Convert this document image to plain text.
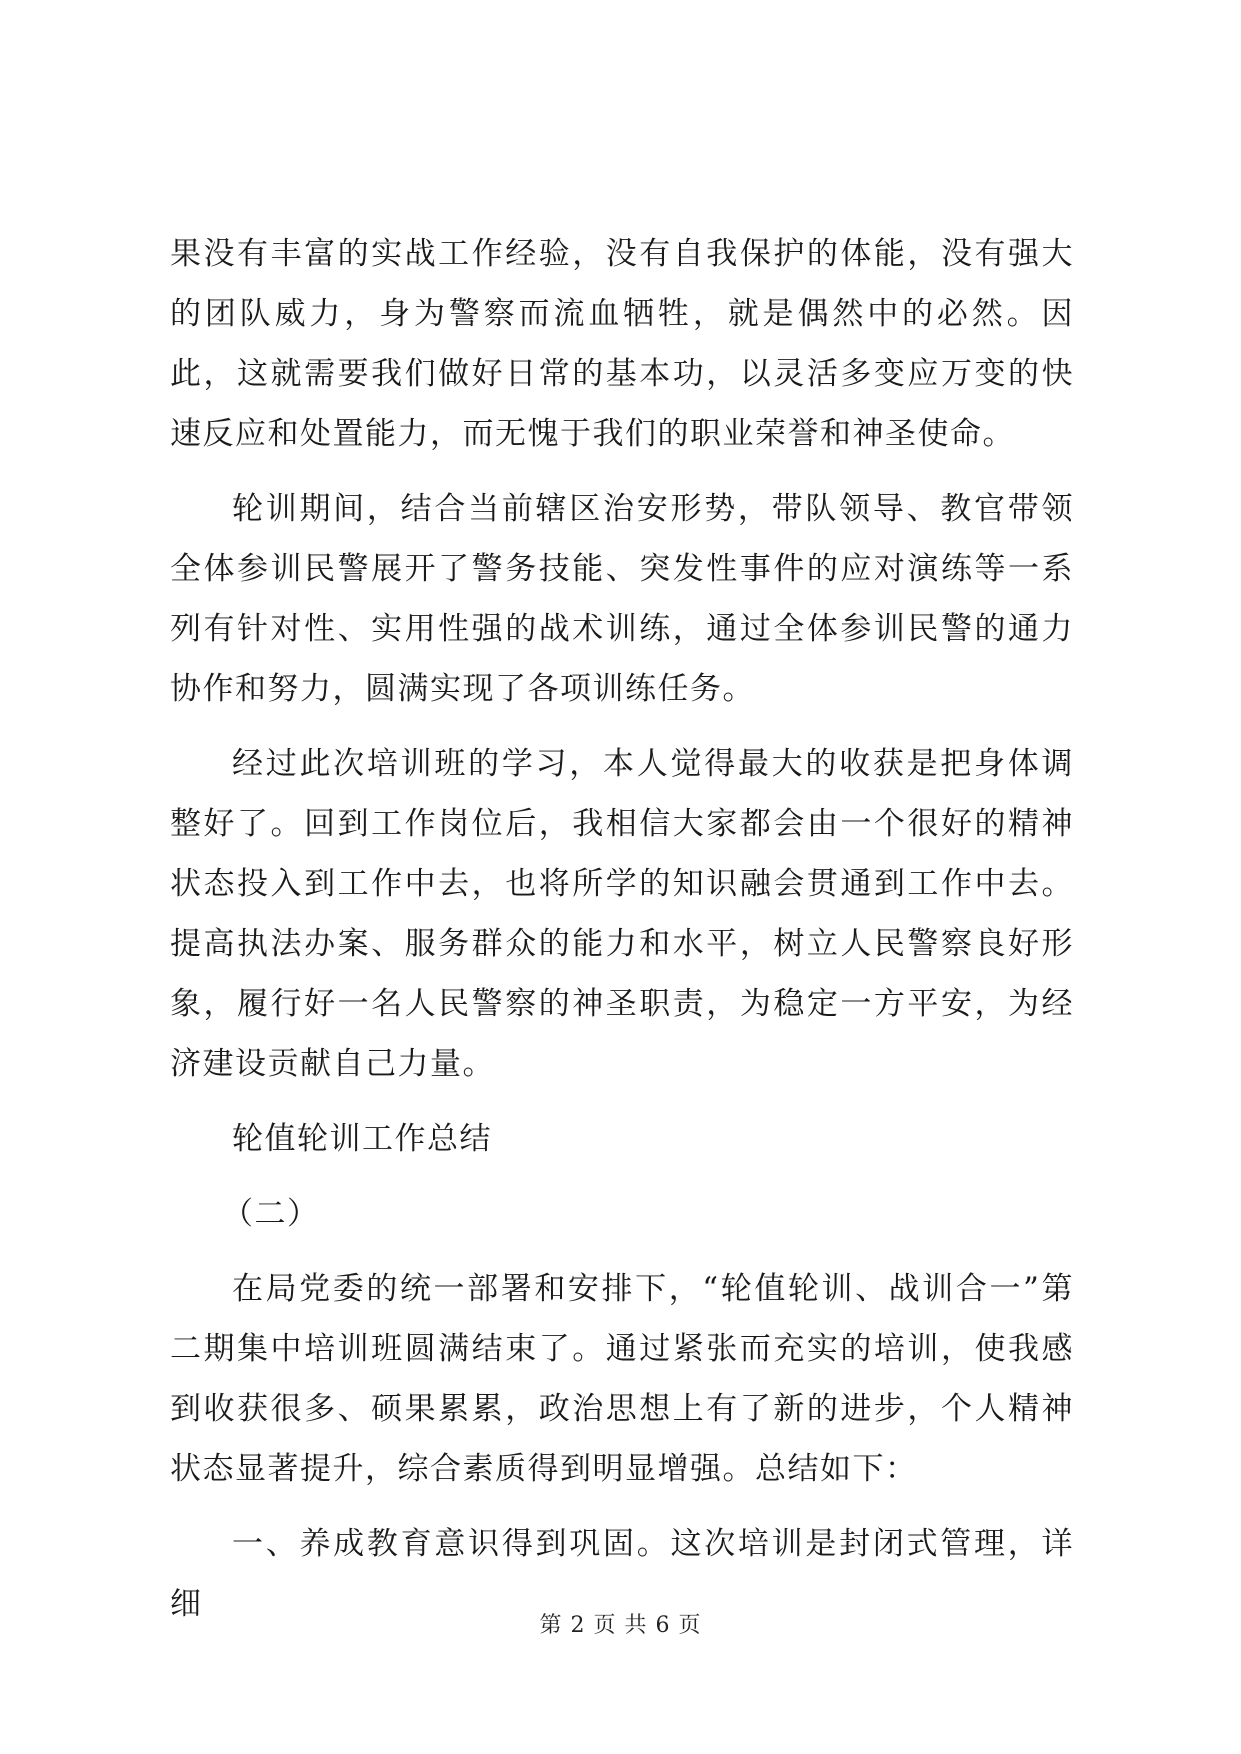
果没有丰富的实战工作经验，没有自我保护的体能，没有强大的团队威力，身为警察而流血牺牲，就是偶然中的必然。因此，这就需要我们做好日常的基本功，以灵活多变应万变的快速反应和处置能力，而无愧于我们的职业荣誉和神圣使命。

轮训期间，结合当前辖区治安形势，带队领导、教官带领全体参训民警展开了警务技能、突发性事件的应对演练等一系列有针对性、实用性强的战术训练，通过全体参训民警的通力协作和努力，圆满实现了各项训练任务。

经过此次培训班的学习，本人觉得最大的收获是把身体调整好了。回到工作岗位后，我相信大家都会由一个很好的精神状态投入到工作中去，也将所学的知识融会贯通到工作中去。提高执法办案、服务群众的能力和水平，树立人民警察良好形象，履行好一名人民警察的神圣职责，为稳定一方平安，为经济建设贡献自己力量。

轮值轮训工作总结

（二）

在局党委的统一部署和安排下，“轮值轮训、战训合一”第二期集中培训班圆满结束了。通过紧张而充实的培训，使我感到收获很多、硕果累累，政治思想上有了新的进步，个人精神状态显著提升，综合素质得到明显增强。总结如下：

一、养成教育意识得到巩固。这次培训是封闭式管理，详细

第 2 页 共 6 页
